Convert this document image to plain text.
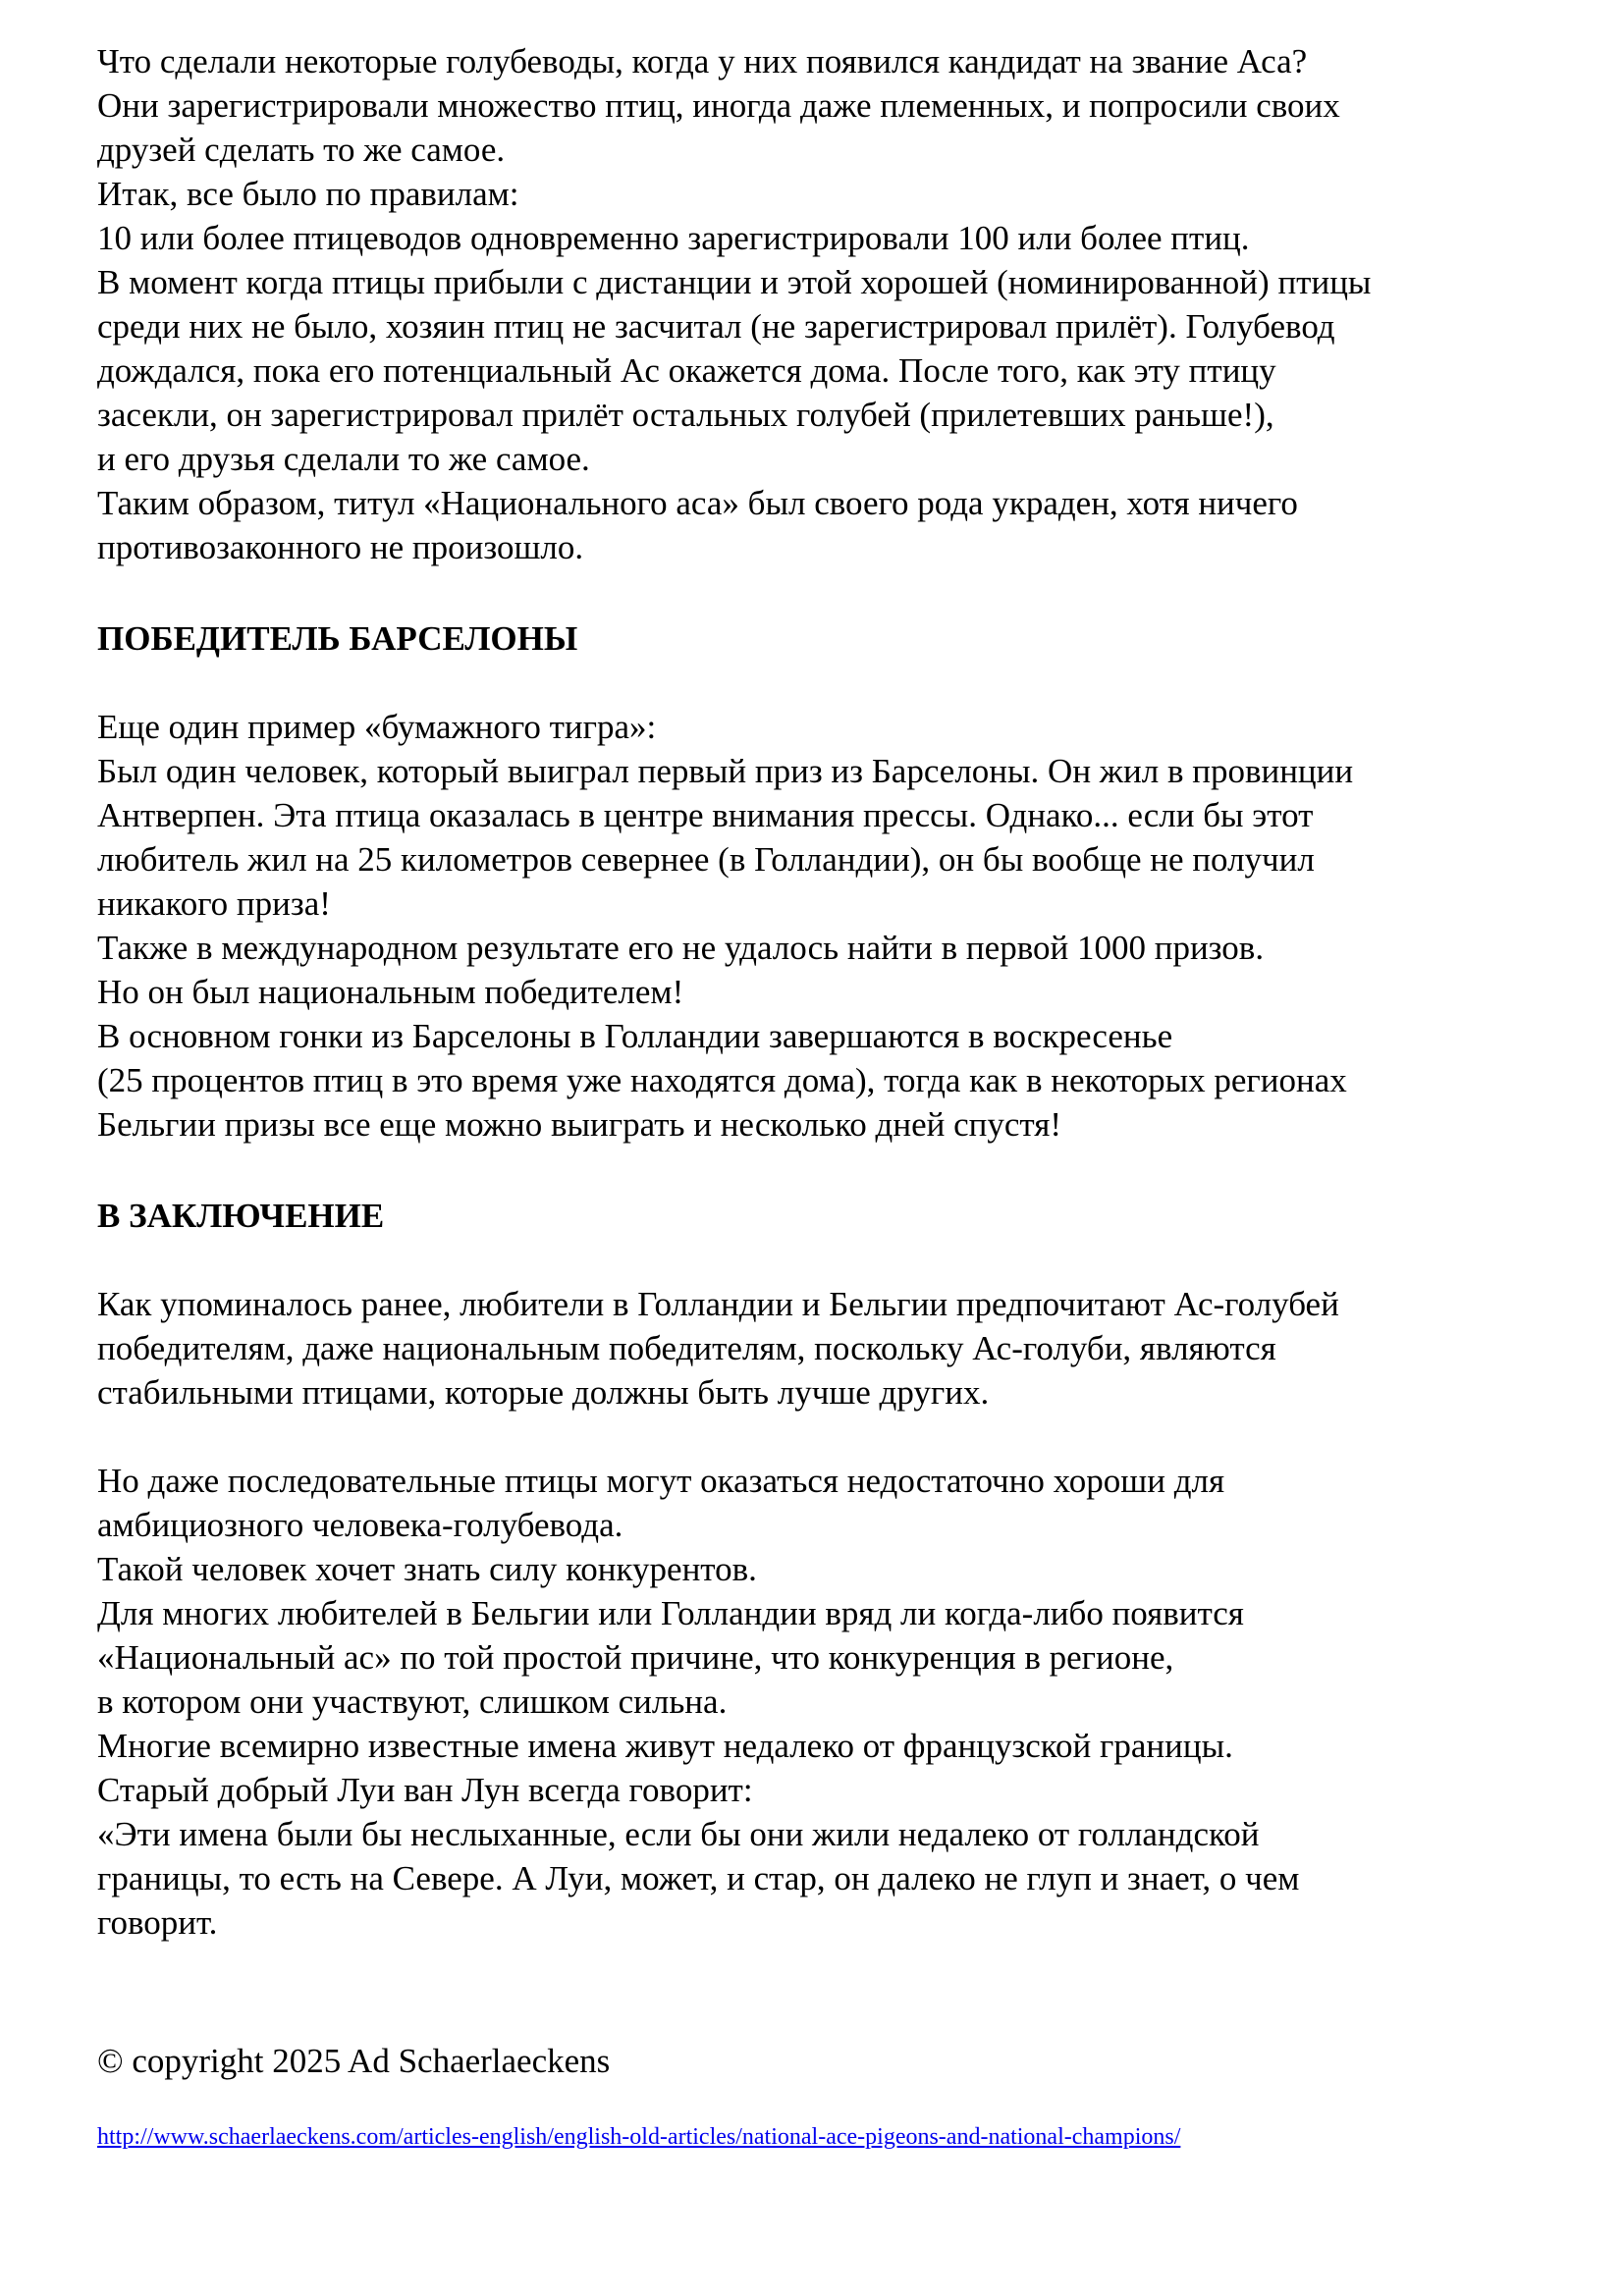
Что сделали некоторые голубеводы, когда у них появился кандидат на звание Аса?

Они зарегистрировали множество птиц, иногда даже племенных, и попросили своих

друзей сделать то же самое.

Итак, все было по правилам:

10 или более птицеводов одновременно зарегистрировали 100 или более птиц.

В момент когда птицы прибыли с дистанции и этой хорошей (номинированной) птицы

среди них не было, хозяин птиц не засчитал (не зарегистрировал прилёт). Голубевод

дождался, пока его потенциальный Ас окажется дома. После того, как эту птицу

засекли, он зарегистрировал прилёт остальных голубей (прилетевших раньше!),

и его друзья сделали то же самое.

Таким образом, титул «Национального аса» был своего рода украден, хотя ничего

противозаконного не произошло.

ПОБЕДИТЕЛЬ БАРСЕЛОНЫ

Еще один пример «бумажного тигра»:

Был один человек, который выиграл первый приз из Барселоны. Он жил в провинции

Антверпен. Эта птица оказалась в центре внимания прессы. Однако... если бы этот

любитель жил на 25 километров севернее (в Голландии), он бы вообще не получил

никакого приза!

Также в международном результате его не удалось найти в первой 1000 призов.

Но он был национальным победителем!

В основном гонки из Барселоны в Голландии завершаются в воскресенье

(25 процентов птиц в это время уже находятся дома), тогда как в некоторых регионах

Бельгии призы все еще можно выиграть и несколько дней спустя!

В ЗАКЛЮЧЕНИЕ

Как упоминалось ранее, любители в Голландии и Бельгии предпочитают Ас-голубей

победителям, даже национальным победителям, поскольку Ас-голуби, являются

стабильными птицами, которые должны быть лучше других.

Но даже последовательные птицы могут оказаться недостаточно хороши для

амбициозного человека-голубевода.

Такой человек хочет знать силу конкурентов.

Для многих любителей в Бельгии или Голландии вряд ли когда-либо появится

«Национальный ас» по той простой причине, что конкуренция в регионе,

в котором они участвуют, слишком сильна.

Многие всемирно известные имена живут недалеко от французской границы.

Старый добрый Луи ван Лун всегда говорит:

«Эти имена были бы неслыханные, если бы они жили недалеко от голландской

границы, то есть на Севере. А Луи, может, и стар, он далеко не глуп и знает, о чем

говорит.

© copyright 2025 Ad Schaerlaeckens

http://www.schaerlaeckens.com/articles-english/english-old-articles/national-ace-pigeons-and-national-champions/
